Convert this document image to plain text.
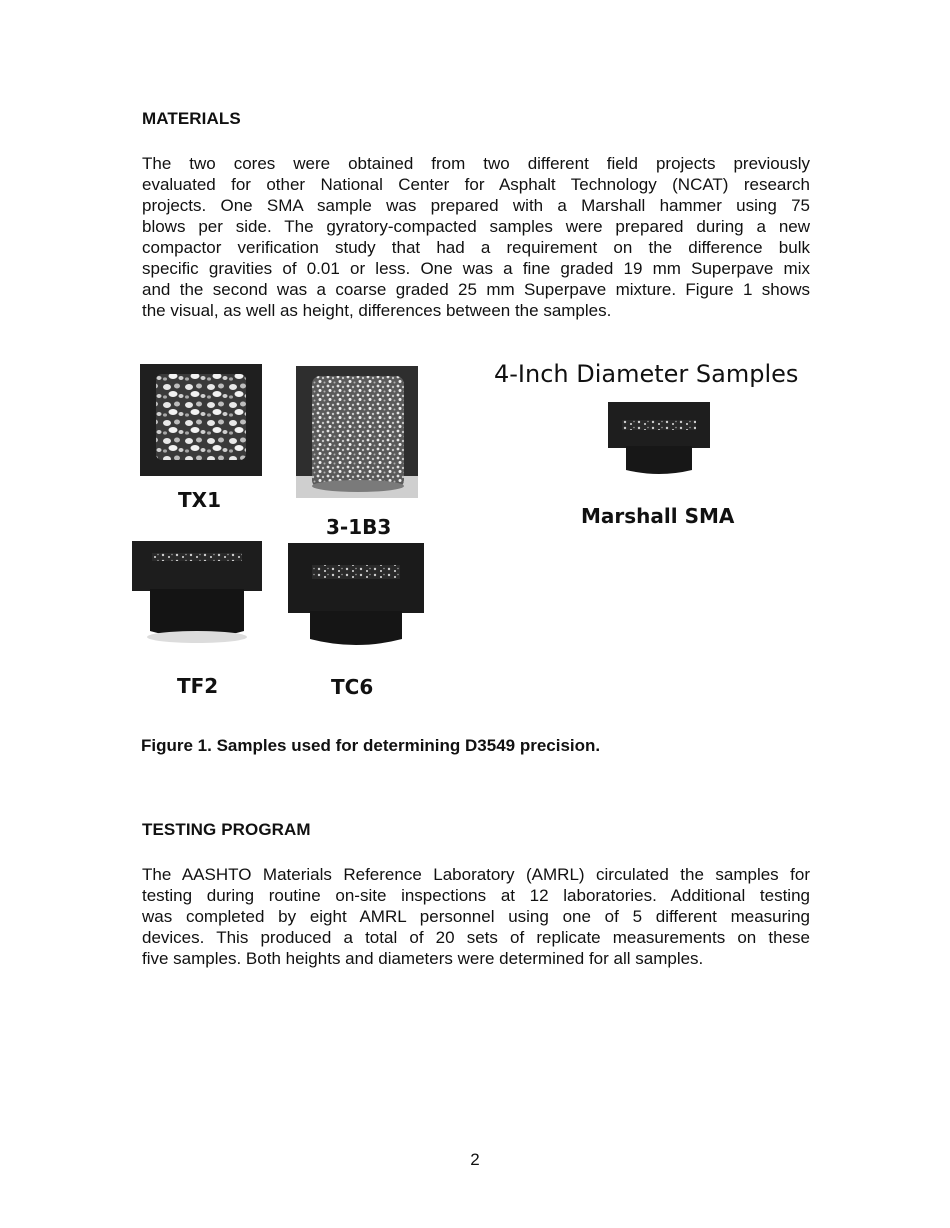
MATERIALS
The two cores were obtained from two different field projects previously
evaluated for other National Center for Asphalt Technology (NCAT) research
projects. One SMA sample was prepared with a Marshall hammer using 75
blows per side. The gyratory-compacted samples were prepared during a new
compactor verification study that had a requirement on the difference bulk
specific gravities of 0.01 or less. One was a fine graded 19 mm Superpave mix
and the second was a coarse graded 25 mm Superpave mixture. Figure 1 shows
the visual, as well as height, differences between the samples.
TX1
3-1B3
TF2	TC6
4-Inch Diameter Samples
Marshall SMA
Figure 1. Samples used for determining D3549 precision.
TESTING PROGRAM
The AASHTO Materials Reference Laboratory (AMRL) circulated the samples for
testing during routine on-site inspections at 12 laboratories. Additional testing
was completed by eight AMRL personnel using one of 5 different measuring
devices. This produced a total of 20 sets of replicate measurements on these
five samples. Both heights and diameters were determined for all samples.
2
